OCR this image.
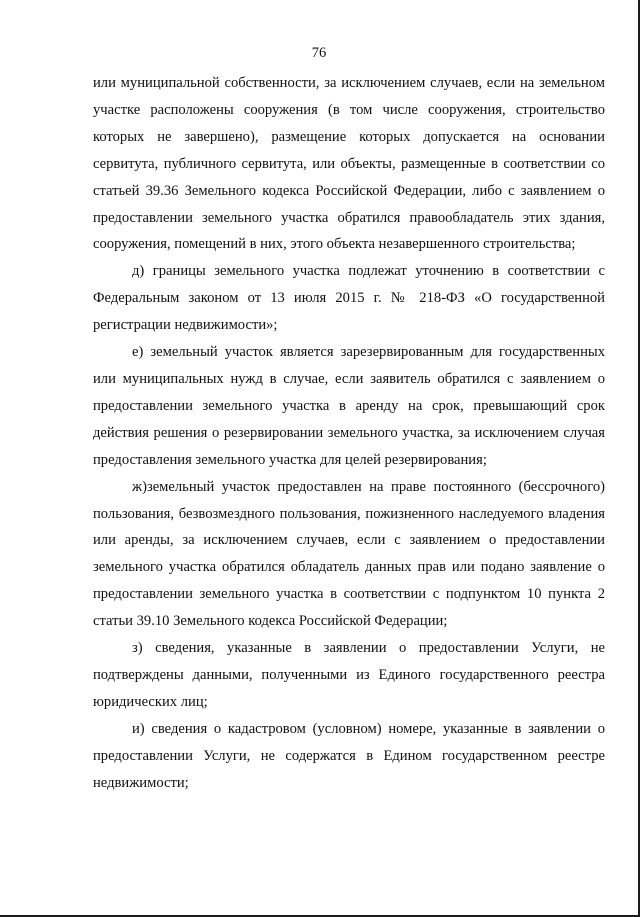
76

или муниципальной собственности, за исключением случаев, если на земельном участке расположены сооружения (в том числе сооружения, строительство которых не завершено), размещение которых допускается на основании сервитута, публичного сервитута, или объекты, размещенные в соответствии со статьей 39.36 Земельного кодекса Российской Федерации, либо с заявлением о предоставлении земельного участка обратился правообладатель этих здания, сооружения, помещений в них, этого объекта незавершенного строительства;

д) границы земельного участка подлежат уточнению в соответствии с Федеральным законом от 13 июля 2015 г. № 218-ФЗ «О государственной регистрации недвижимости»;

е) земельный участок является зарезервированным для государственных или муниципальных нужд в случае, если заявитель обратился с заявлением о предоставлении земельного участка в аренду на срок, превышающий срок действия решения о резервировании земельного участка, за исключением случая предоставления земельного участка для целей резервирования;

ж)земельный участок предоставлен на праве постоянного (бессрочного) пользования, безвозмездного пользования, пожизненного наследуемого владения или аренды, за исключением случаев, если с заявлением о предоставлении земельного участка обратился обладатель данных прав или подано заявление о предоставлении земельного участка в соответствии с подпунктом 10 пункта 2 статьи 39.10 Земельного кодекса Российской Федерации;

з) сведения, указанные в заявлении о предоставлении Услуги, не подтверждены данными, полученными из Единого государственного реестра юридических лиц;

и) сведения о кадастровом (условном) номере, указанные в заявлении о предоставлении Услуги, не содержатся в Едином государственном реестре недвижимости;
